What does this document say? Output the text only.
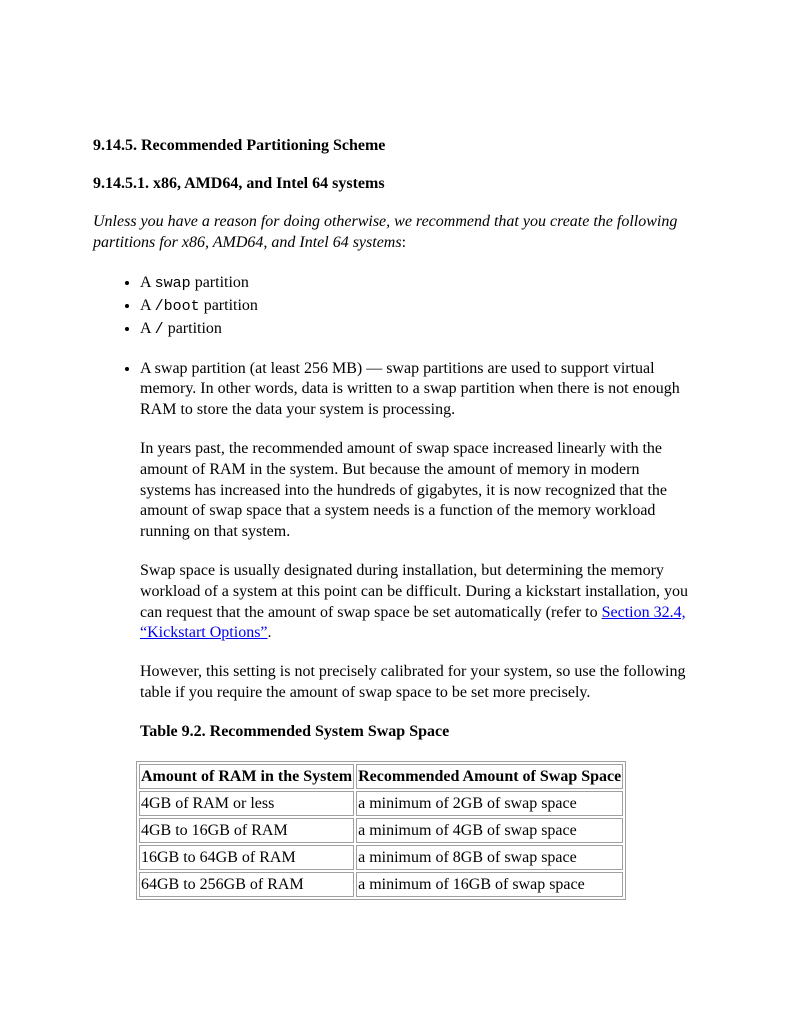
9.14.5. Recommended Partitioning Scheme
9.14.5.1. x86, AMD64, and Intel 64 systems

Unless you have a reason for doing otherwise, we recommend that you create the following partitions for x86, AMD64, and Intel 64 systems:

• A swap partition
• A /boot partition
• A / partition

• A swap partition (at least 256 MB) — swap partitions are used to support virtual memory. In other words, data is written to a swap partition when there is not enough RAM to store the data your system is processing.

In years past, the recommended amount of swap space increased linearly with the amount of RAM in the system. But because the amount of memory in modern systems has increased into the hundreds of gigabytes, it is now recognized that the amount of swap space that a system needs is a function of the memory workload running on that system.

Swap space is usually designated during installation, but determining the memory workload of a system at this point can be difficult. During a kickstart installation, you can request that the amount of swap space be set automatically (refer to Section 32.4, “Kickstart Options”.

However, this setting is not precisely calibrated for your system, so use the following table if you require the amount of swap space to be set more precisely.

Table 9.2. Recommended System Swap Space
Amount of RAM in the System	Recommended Amount of Swap Space
4GB of RAM or less	a minimum of 2GB of swap space
4GB to 16GB of RAM	a minimum of 4GB of swap space
16GB to 64GB of RAM	a minimum of 8GB of swap space
64GB to 256GB of RAM	a minimum of 16GB of swap space
